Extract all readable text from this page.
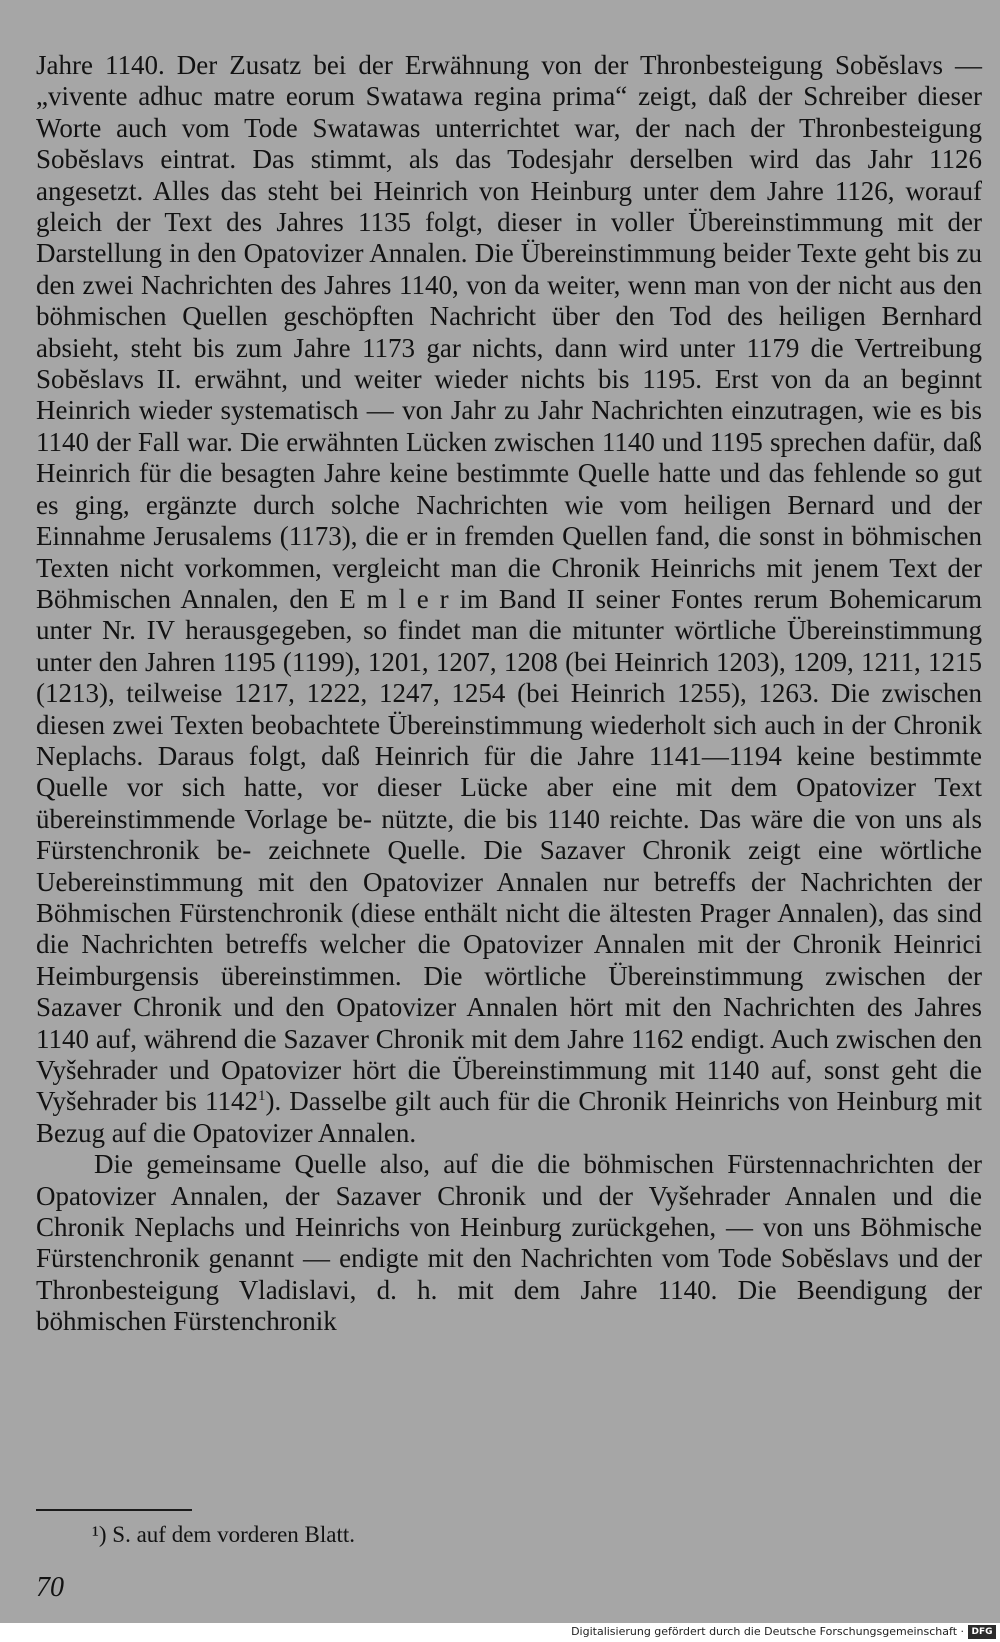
Jahre 1140. Der Zusatz bei der Erwähnung von der Thronbesteigung Sobĕslavs — „vivente adhuc matre eorum Swatawa regina prima“ zeigt, daß der Schreiber dieser Worte auch vom Tode Swatawas unterrichtet war, der nach der Thronbesteigung Sobĕslavs eintrat. Das stimmt, als das Todesjahr derselben wird das Jahr 1126 angesetzt. Alles das steht bei Heinrich von Heinburg unter dem Jahre 1126, worauf gleich der Text des Jahres 1135 folgt, dieser in voller Übereinstimmung mit der Darstellung in den Opatovizer Annalen. Die Übereinstimmung beider Texte geht bis zu den zwei Nachrichten des Jahres 1140, von da weiter, wenn man von der nicht aus den böhmischen Quellen geschöpften Nachricht über den Tod des heiligen Bernhard absieht, steht bis zum Jahre 1173 gar nichts, dann wird unter 1179 die Vertreibung Sobĕslavs II. erwähnt, und weiter wieder nichts bis 1195. Erst von da an beginnt Heinrich wieder systematisch — von Jahr zu Jahr Nachrichten einzutragen, wie es bis 1140 der Fall war. Die erwähnten Lücken zwischen 1140 und 1195 sprechen dafür, daß Heinrich für die besagten Jahre keine bestimmte Quelle hatte und das fehlende so gut es ging, ergänzte durch solche Nachrichten wie vom heiligen Bernard und der Einnahme Jerusalems (1173), die er in fremden Quellen fand, die sonst in böhmischen Texten nicht vorkommen, vergleicht man die Chronik Heinrichs mit jenem Text der Böhmischen Annalen, den E m l e r im Band II seiner Fontes rerum Bohemicarum unter Nr. IV herausgegeben, so findet man die mitunter wörtliche Übereinstimmung unter den Jahren 1195 (1199), 1201, 1207, 1208 (bei Heinrich 1203), 1209, 1211, 1215 (1213), teilweise 1217, 1222, 1247, 1254 (bei Heinrich 1255), 1263. Die zwischen diesen zwei Texten beobachtete Übereinstimmung wiederholt sich auch in der Chronik Neplachs. Daraus folgt, daß Heinrich für die Jahre 1141—1194 keine bestimmte Quelle vor sich hatte, vor dieser Lücke aber eine mit dem Opatovizer Text übereinstimmende Vorlage be- nützte, die bis 1140 reichte. Das wäre die von uns als Fürstenchronik be- zeichnete Quelle. Die Sazaver Chronik zeigt eine wörtliche Uebereinstimmung mit den Opatovizer Annalen nur betreffs der Nachrichten der Böhmischen Fürstenchronik (diese enthält nicht die ältesten Prager Annalen), das sind die Nachrichten betreffs welcher die Opatovizer Annalen mit der Chronik Heinrici Heimburgensis übereinstimmen. Die wörtliche Übereinstimmung zwischen der Sazaver Chronik und den Opatovizer Annalen hört mit den Nachrichten des Jahres 1140 auf, während die Sazaver Chronik mit dem Jahre 1162 endigt. Auch zwischen den Vyšehrader und Opatovizer hört die Übereinstimmung mit 1140 auf, sonst geht die Vyšehrader bis 1142$^1$). Dasselbe gilt auch für die Chronik Heinrichs von Heinburg mit Bezug auf die Opatovizer Annalen.

Die gemeinsame Quelle also, auf die die böhmischen Fürstennachrichten der Opatovizer Annalen, der Sazaver Chronik und der Vyšehrader Annalen und die Chronik Neplachs und Heinrichs von Heinburg zurückgehen, — von uns Böhmische Fürstenchronik genannt — endigte mit den Nachrichten vom Tode Sobĕslavs und der Thronbesteigung Vladislavi, d. h. mit dem Jahre 1140. Die Beendigung der böhmischen Fürstenchronik

¹) S. auf dem vorderen Blatt.
70
Digitalisierung gefördert durch die Deutsche Forschungsgemeinschaft · DFG
